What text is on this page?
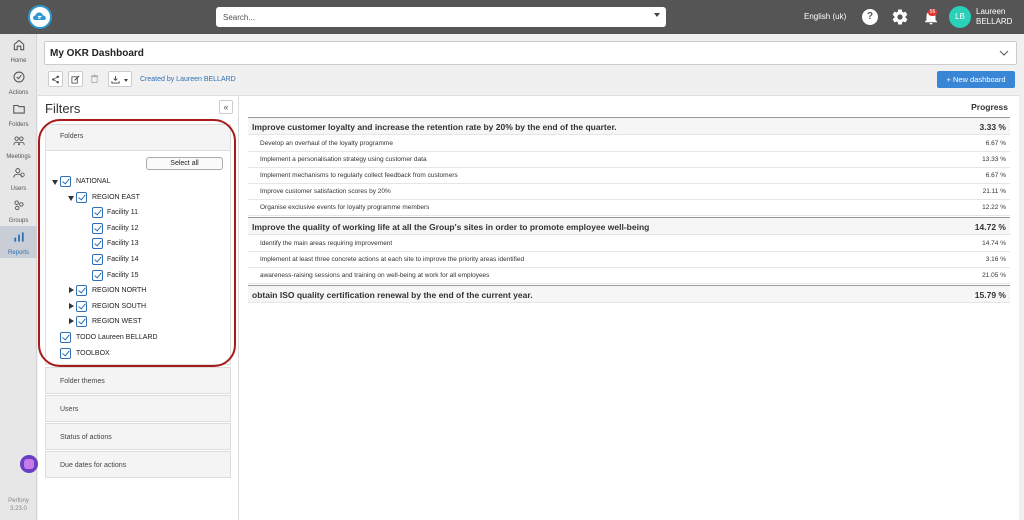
Search...	English (uk)	?	56	LB
Laureen
BELLARD
Home
Actions
Folders
Meetings
Users
Groups
Reports
Perfony
3.23.0
My OKR Dashboard
Created by Laureen BELLARD	+ New dashboard
Filters	«
Folders
Select all
NATIONAL
REGION EAST
Facility 11
Facility 12
Facility 13
Facility 14
Facility 15
REGION NORTH
REGION SOUTH
REGION WEST
TODO Laureen BELLARD
TOOLBOX
Folder themes
Users
Status of actions
Due dates for actions
Progress
Improve customer loyalty and increase the retention rate by 20% by the end of the quarter.	3.33 %
Develop an overhaul of the loyalty programme	6.67 %
Implement a personalisation strategy using customer data	13.33 %
Implement mechanisms to regularly collect feedback from customers	6.67 %
Improve customer satisfaction scores by 20%	21.11 %
Organise exclusive events for loyalty programme members	12.22 %
Improve the quality of working life at all the Group's sites in order to promote employee well-being	14.72 %
Identify the main areas requiring improvement	14.74 %
Implement at least three concrete actions at each site to improve the priority areas identified	3.16 %
awareness-raising sessions and training on well-being at work for all employees	21.05 %
obtain ISO quality certification renewal by the end of the current year.	15.79 %
